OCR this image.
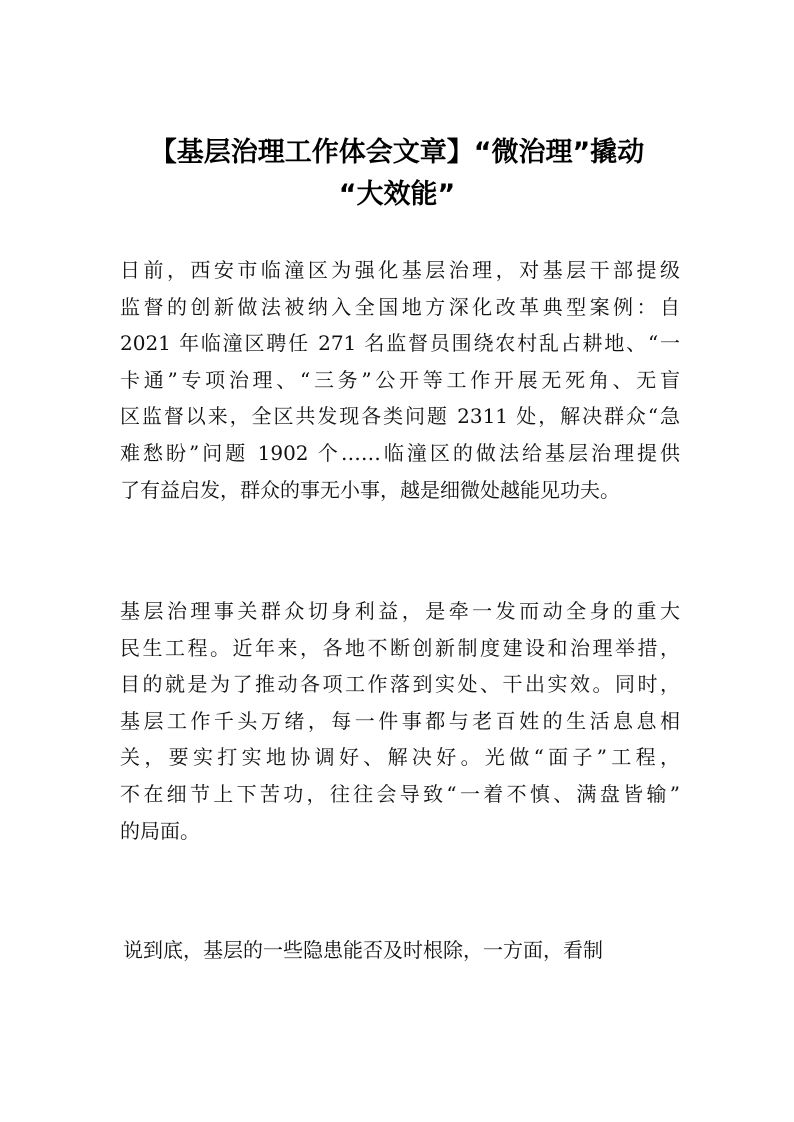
【基层治理工作体会文章】“微治理”撬动
“大效能”

日前，西安市临潼区为强化基层治理，对基层干部提级
监督的创新做法被纳入全国地方深化改革典型案例：自
2021 年临潼区聘任 271 名监督员围绕农村乱占耕地、“一
卡通”专项治理、“三务”公开等工作开展无死角、无盲
区监督以来，全区共发现各类问题 2311 处，解决群众“急
难愁盼”问题 1902 个……临潼区的做法给基层治理提供
了有益启发，群众的事无小事，越是细微处越能见功夫。

基层治理事关群众切身利益，是牵一发而动全身的重大
民生工程。近年来，各地不断创新制度建设和治理举措，
目的就是为了推动各项工作落到实处、干出实效。同时，
基层工作千头万绪，每一件事都与老百姓的生活息息相
关，要实打实地协调好、解决好。光做“面子”工程，
不在细节上下苦功，往往会导致“一着不慎、满盘皆输”
的局面。

说到底，基层的一些隐患能否及时根除，一方面，看制
